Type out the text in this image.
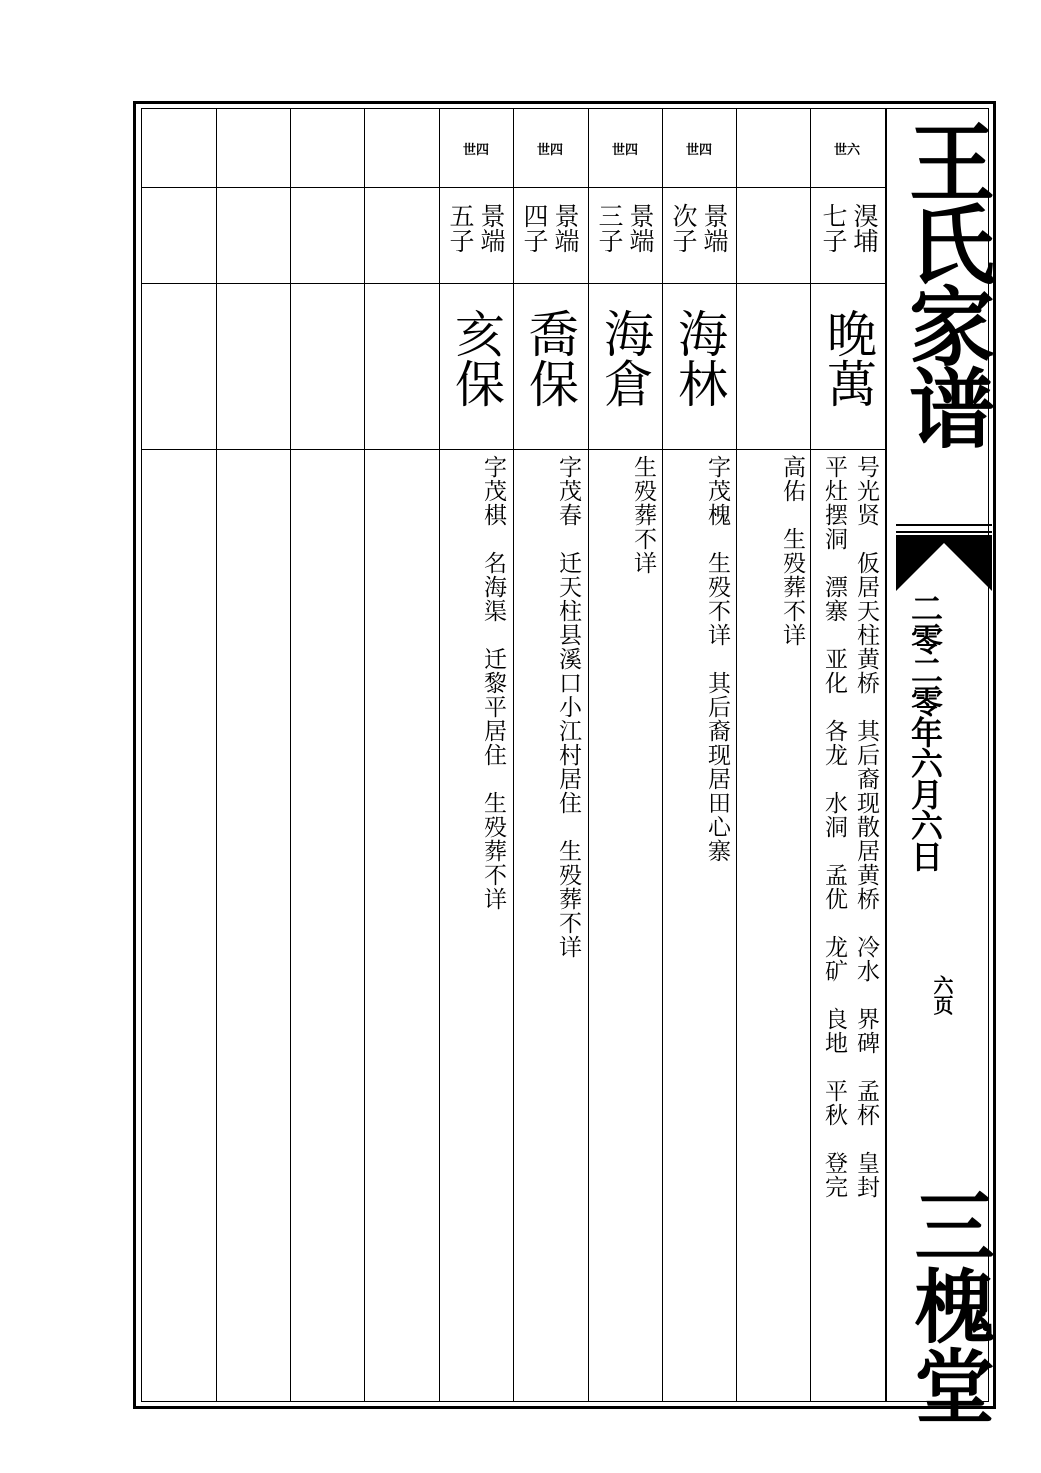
世六
湨埔
七子
晚萬
号光贤　仮居天柱黄桥　其后裔现散居黄桥　冷水　界碑　孟杯　皇封
平灶摆洞　漂寨　亚化　各龙　水洞　孟优　龙矿　良地　平秋　登完
高佑　生殁葬不详
世四
景端
次子
海林
字茂槐　生殁不详　其后裔现居田心寨
世四
景端
三子
海倉
生殁葬不详
世四
景端
四子
喬保
字茂春　迁天柱县溪口小江村居住　生殁葬不详
世四
景端
五子
亥保
字茂棋　名海渠　迁黎平居住　生殁葬不详
王氏家谱
二零二零年六月六日
六页
三槐堂
